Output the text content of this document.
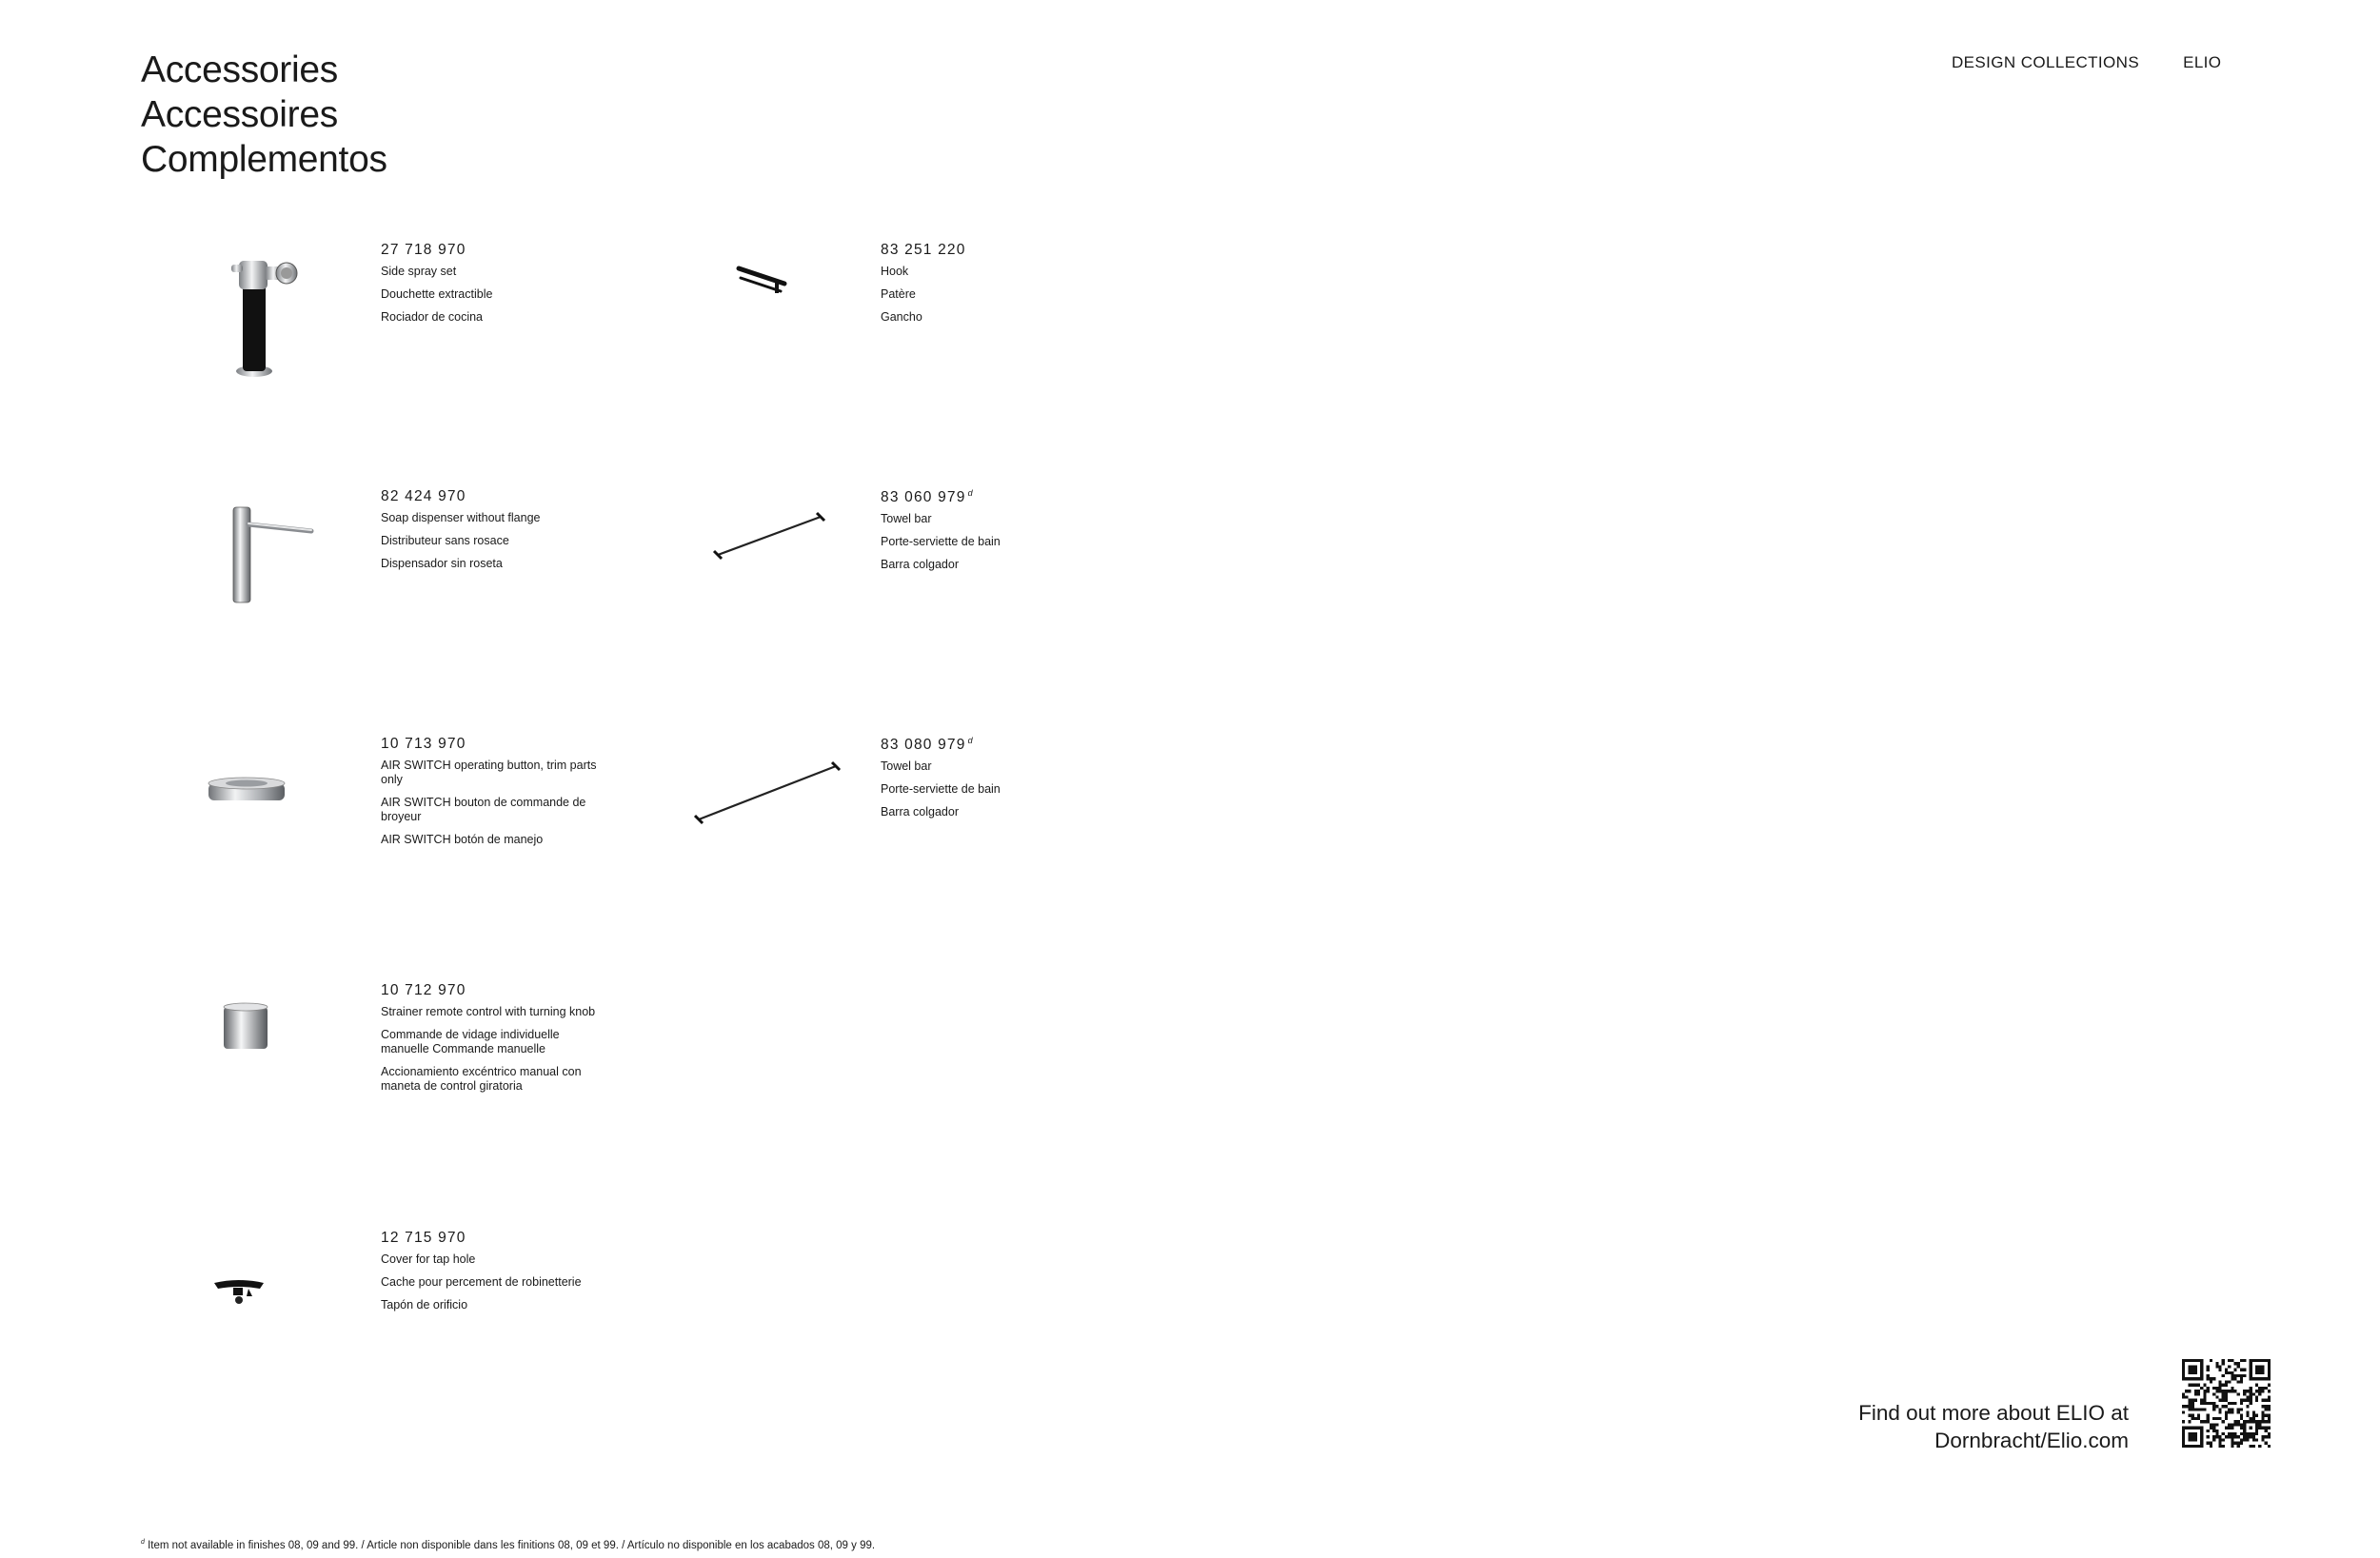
Accessories
Accessoires
Complementos
DESIGN COLLECTIONS	ELIO
27 718 970
Side spray set
Douchette extractible
Rociador de cocina
82 424 970
Soap dispenser without flange
Distributeur sans rosace
Dispensador sin roseta
10 713 970
AIR SWITCH operating button, trim parts only
AIR SWITCH bouton de commande de broyeur
AIR SWITCH botón de manejo
10 712 970
Strainer remote control with turning knob
Commande de vidage individuelle manuelle Commande manuelle
Accionamiento excéntrico manual con maneta de control giratoria
12 715 970
Cover for tap hole
Cache pour percement de robinetterie
Tapón de orificio
83 251 220
Hook
Patère
Gancho
83 060 979 $^d$
Towel bar
Porte-serviette de bain
Barra colgador
83 080 979 $^d$
Towel bar
Porte-serviette de bain
Barra colgador
Find out more about ELIO at
Dornbracht/Elio.com
$^d$ Item not available in finishes 08, 09 and 99. / Article non disponible dans les finitions 08, 09 et 99. / Artículo no disponible en los acabados 08, 09 y 99.
